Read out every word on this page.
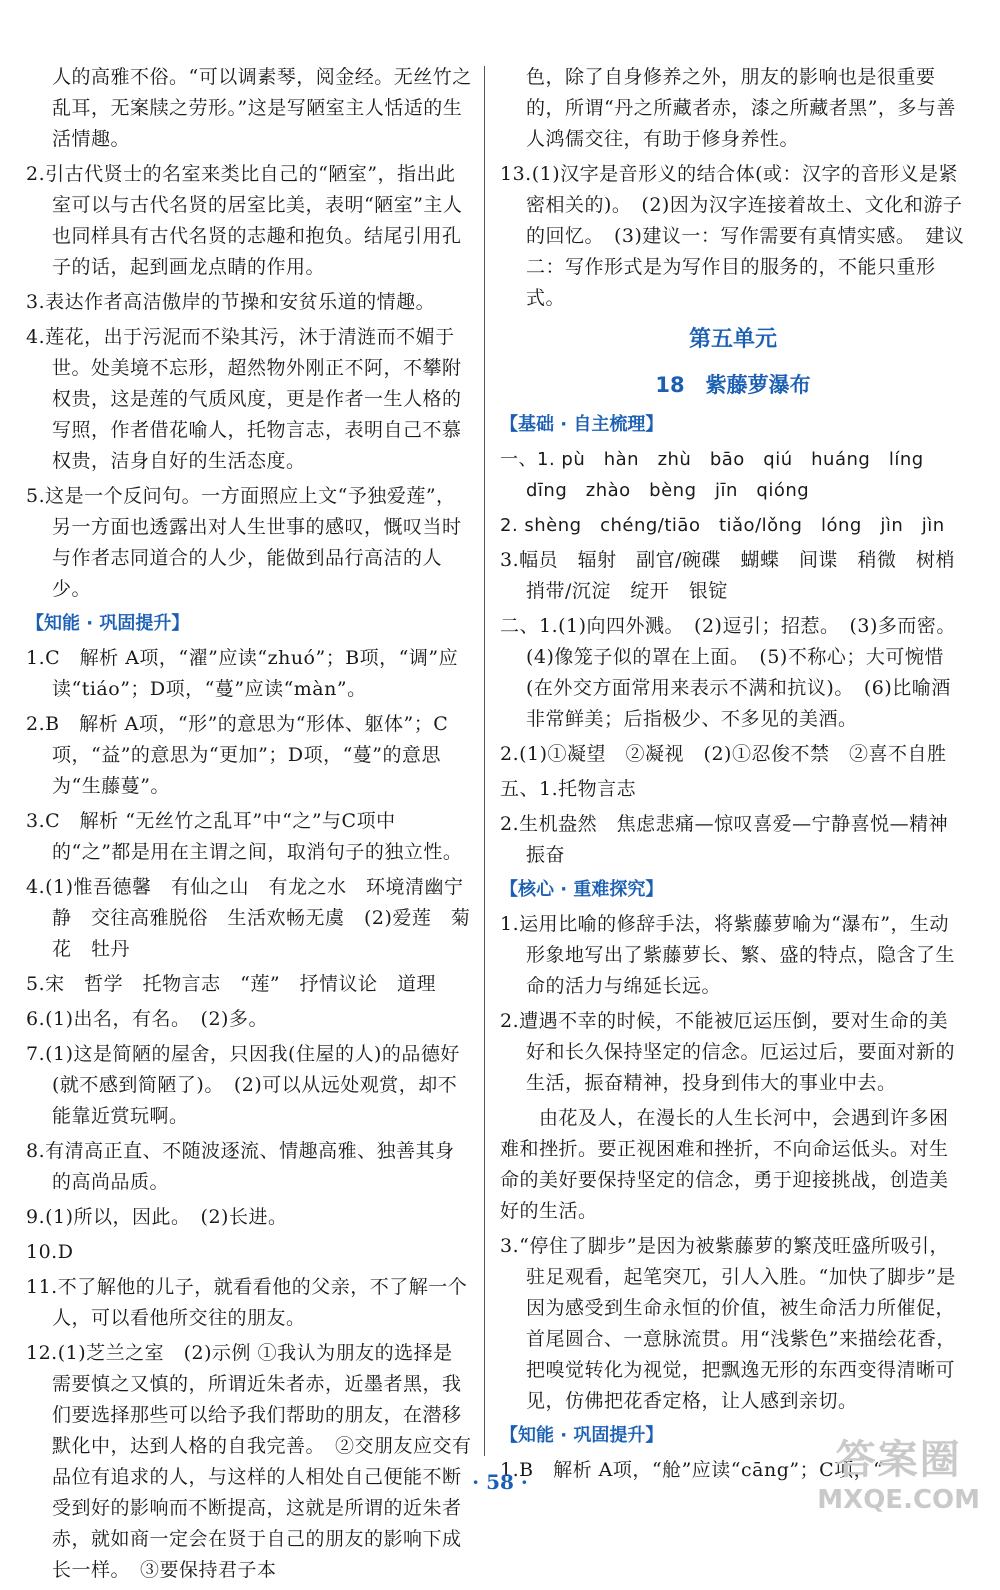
人的高雅不俗。“可以调素琴，阅金经。无丝竹之乱耳，无案牍之劳形。”这是写陋室主人恬适的生活情趣。
2.引古代贤士的名室来类比自己的“陋室”，指出此室可以与古代名贤的居室比美，表明“陋室”主人也同样具有古代名贤的志趣和抱负。结尾引用孔子的话，起到画龙点睛的作用。
3.表达作者高洁傲岸的节操和安贫乐道的情趣。
4.莲花，出于污泥而不染其污，沐于清涟而不媚于世。处美境不忘形，超然物外刚正不阿，不攀附权贵，这是莲的气质风度，更是作者一生人格的写照，作者借花喻人，托物言志，表明自己不慕权贵，洁身自好的生活态度。
5.这是一个反问句。一方面照应上文“予独爱莲”，另一方面也透露出对人生世事的感叹，慨叹当时与作者志同道合的人少，能做到品行高洁的人少。
【知能 · 巩固提升】
1.C　解析 A项，“濯”应读“zhuó”；B项，“调”应读“tiáo”；D项，“蔓”应读“màn”。
2.B　解析 A项，“形”的意思为“形体、躯体”；C项，“益”的意思为“更加”；D项，“蔓”的意思为“生藤蔓”。
3.C　解析 “无丝竹之乱耳”中“之”与C项中的“之”都是用在主谓之间，取消句子的独立性。
4.(1)惟吾德馨　有仙之山　有龙之水　环境清幽宁静　交往高雅脱俗　生活欢畅无虞　(2)爱莲　菊花　牡丹
5.宋　哲学　托物言志　“莲”　抒情议论　道理
6.(1)出名，有名。　(2)多。
7.(1)这是简陋的屋舍，只因我(住屋的人)的品德好(就不感到简陋了)。　(2)可以从远处观赏，却不能靠近赏玩啊。
8.有清高正直、不随波逐流、情趣高雅、独善其身的高尚品质。
9.(1)所以，因此。　(2)长进。
10.D
11.不了解他的儿子，就看看他的父亲，不了解一个人，可以看他所交往的朋友。
12.(1)芝兰之室　(2)示例 ①我认为朋友的选择是需要慎之又慎的，所谓近朱者赤，近墨者黑，我们要选择那些可以给予我们帮助的朋友，在潜移默化中，达到人格的自我完善。　②交朋友应交有品位有追求的人，与这样的人相处自己便能不断受到好的影响而不断提高，这就是所谓的近朱者赤，就如商一定会在贤于自己的朋友的影响下成长一样。　③要保持君子本
色，除了自身修养之外，朋友的影响也是很重要的，所谓“丹之所藏者赤，漆之所藏者黑”，多与善人鸿儒交往，有助于修身养性。
13.(1)汉字是音形义的结合体(或：汉字的音形义是紧密相关的)。　(2)因为汉字连接着故土、文化和游子的回忆。　(3)建议一：写作需要有真情实感。　建议二：写作形式是为写作目的服务的，不能只重形式。
第五单元
18　紫藤萝瀑布
【基础 · 自主梳理】
一、1. pù　hàn　zhù　bāo　qiú　huáng　líng dīng　zhào　bèng　jīn　qióng
2. shèng　chéng/tiāo　tiǎo/lǒng　lóng　jìn　jìn
3.幅员　辐射　副官/碗碟　蝴蝶　间谍　稍微　树梢　捎带/沉淀　绽开　银锭
二、1.(1)向四外溅。　(2)逗引；招惹。　(3)多而密。　(4)像笼子似的罩在上面。　(5)不称心；大可惋惜(在外交方面常用来表示不满和抗议)。　(6)比喻酒非常鲜美；后指极少、不多见的美酒。
2.(1)①凝望　②凝视　(2)①忍俊不禁　②喜不自胜
五、1.托物言志
2.生机盎然　焦虑悲痛—惊叹喜爱—宁静喜悦—精神振奋
【核心 · 重难探究】
1.运用比喻的修辞手法，将紫藤萝喻为“瀑布”，生动形象地写出了紫藤萝长、繁、盛的特点，隐含了生命的活力与绵延长远。
2.遭遇不幸的时候，不能被厄运压倒，要对生命的美好和长久保持坚定的信念。厄运过后，要面对新的生活，振奋精神，投身到伟大的事业中去。
　　由花及人，在漫长的人生长河中，会遇到许多困难和挫折。要正视困难和挫折，不向命运低头。对生命的美好要保持坚定的信念，勇于迎接挑战，创造美好的生活。
3.“停住了脚步”是因为被紫藤萝的繁茂旺盛所吸引，驻足观看，起笔突兀，引人入胜。“加快了脚步”是因为感受到生命永恒的价值，被生命活力所催促，首尾圆合、一意脉流贯。用“浅紫色”来描绘花香，把嗅觉转化为视觉，把飘逸无形的东西变得清晰可见，仿佛把花香定格，让人感到亲切。
【知能 · 巩固提升】
1.B　解析 A项，“舱”应读“cāng”；C项，“
· 58 ·	答案圈
MXQE.COM
